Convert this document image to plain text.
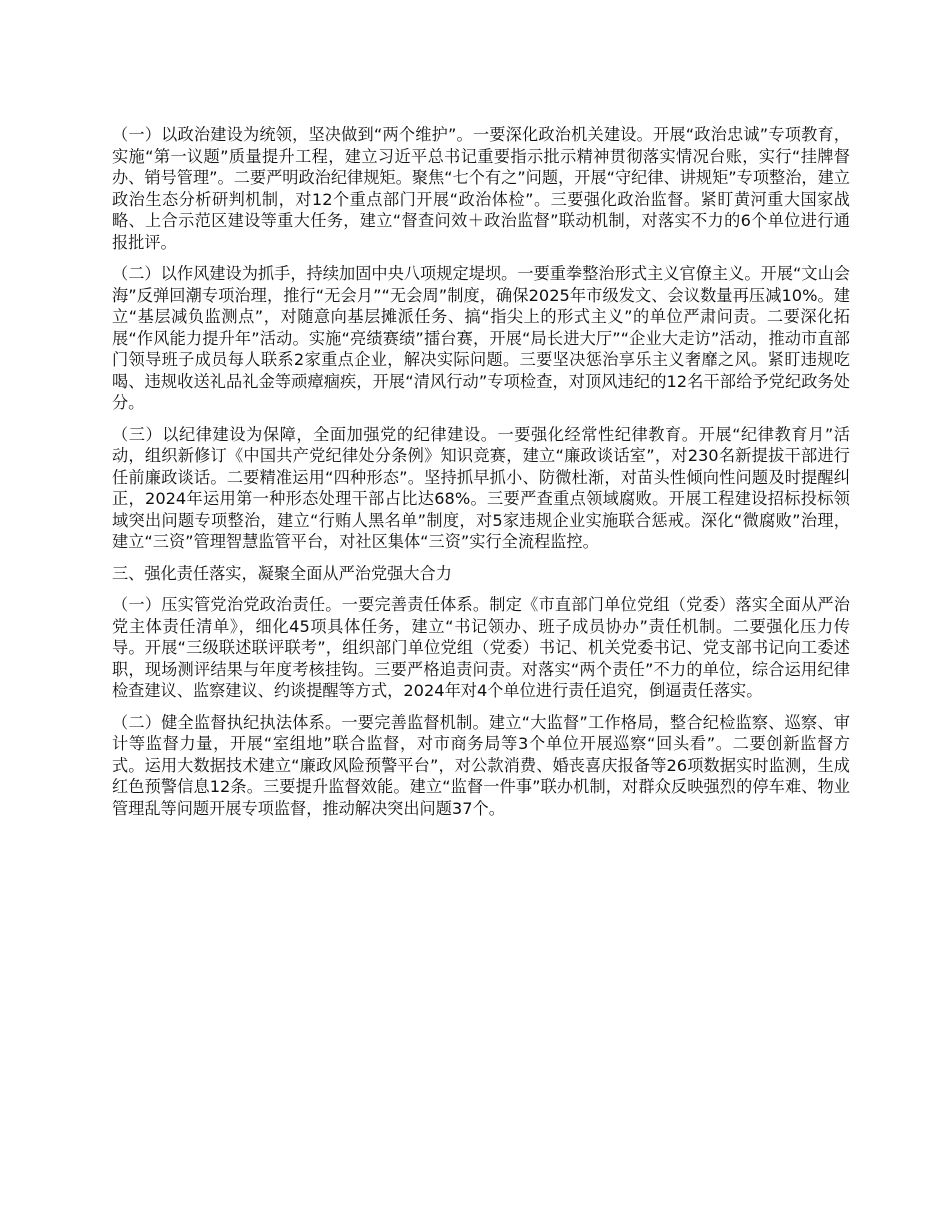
（一）以政治建设为统领，坚决做到“两个维护”。一要深化政治机关建设。开展“政治忠诚”专项教育，实施“第一议题”质量提升工程，建立习近平总书记重要指示批示精神贯彻落实情况台账，实行“挂牌督办、销号管理”。二要严明政治纪律规矩。聚焦“七个有之”问题，开展“守纪律、讲规矩”专项整治，建立政治生态分析研判机制，对12个重点部门开展“政治体检”。三要强化政治监督。紧盯黄河重大国家战略、上合示范区建设等重大任务，建立“督查问效＋政治监督”联动机制，对落实不力的6个单位进行通报批评。

（二）以作风建设为抓手，持续加固中央八项规定堤坝。一要重拳整治形式主义官僚主义。开展“文山会海”反弹回潮专项治理，推行“无会月”“无会周”制度，确保2025年市级发文、会议数量再压减10%。建立“基层减负监测点”，对随意向基层摊派任务、搞“指尖上的形式主义”的单位严肃问责。二要深化拓展“作风能力提升年”活动。实施“亮绩赛绩”擂台赛，开展“局长进大厅”“企业大走访”活动，推动市直部门领导班子成员每人联系2家重点企业，解决实际问题。三要坚决惩治享乐主义奢靡之风。紧盯违规吃喝、违规收送礼品礼金等顽瘴痼疾，开展“清风行动”专项检查，对顶风违纪的12名干部给予党纪政务处分。

（三）以纪律建设为保障，全面加强党的纪律建设。一要强化经常性纪律教育。开展“纪律教育月”活动，组织新修订《中国共产党纪律处分条例》知识竞赛，建立“廉政谈话室”，对230名新提拔干部进行任前廉政谈话。二要精准运用“四种形态”。坚持抓早抓小、防微杜渐，对苗头性倾向性问题及时提醒纠正，2024年运用第一种形态处理干部占比达68%。三要严查重点领域腐败。开展工程建设招标投标领域突出问题专项整治，建立“行贿人黑名单”制度，对5家违规企业实施联合惩戒。深化“微腐败”治理，建立“三资”管理智慧监管平台，对社区集体“三资”实行全流程监控。

三、强化责任落实，凝聚全面从严治党强大合力

（一）压实管党治党政治责任。一要完善责任体系。制定《市直部门单位党组（党委）落实全面从严治党主体责任清单》，细化45项具体任务，建立“书记领办、班子成员协办”责任机制。二要强化压力传导。开展“三级联述联评联考”，组织部门单位党组（党委）书记、机关党委书记、党支部书记向工委述职，现场测评结果与年度考核挂钩。三要严格追责问责。对落实“两个责任”不力的单位，综合运用纪律检查建议、监察建议、约谈提醒等方式，2024年对4个单位进行责任追究，倒逼责任落实。

（二）健全监督执纪执法体系。一要完善监督机制。建立“大监督”工作格局，整合纪检监察、巡察、审计等监督力量，开展“室组地”联合监督，对市商务局等3个单位开展巡察“回头看”。二要创新监督方式。运用大数据技术建立“廉政风险预警平台”，对公款消费、婚丧喜庆报备等26项数据实时监测，生成红色预警信息12条。三要提升监督效能。建立“监督一件事”联办机制，对群众反映强烈的停车难、物业管理乱等问题开展专项监督，推动解决突出问题37个。
